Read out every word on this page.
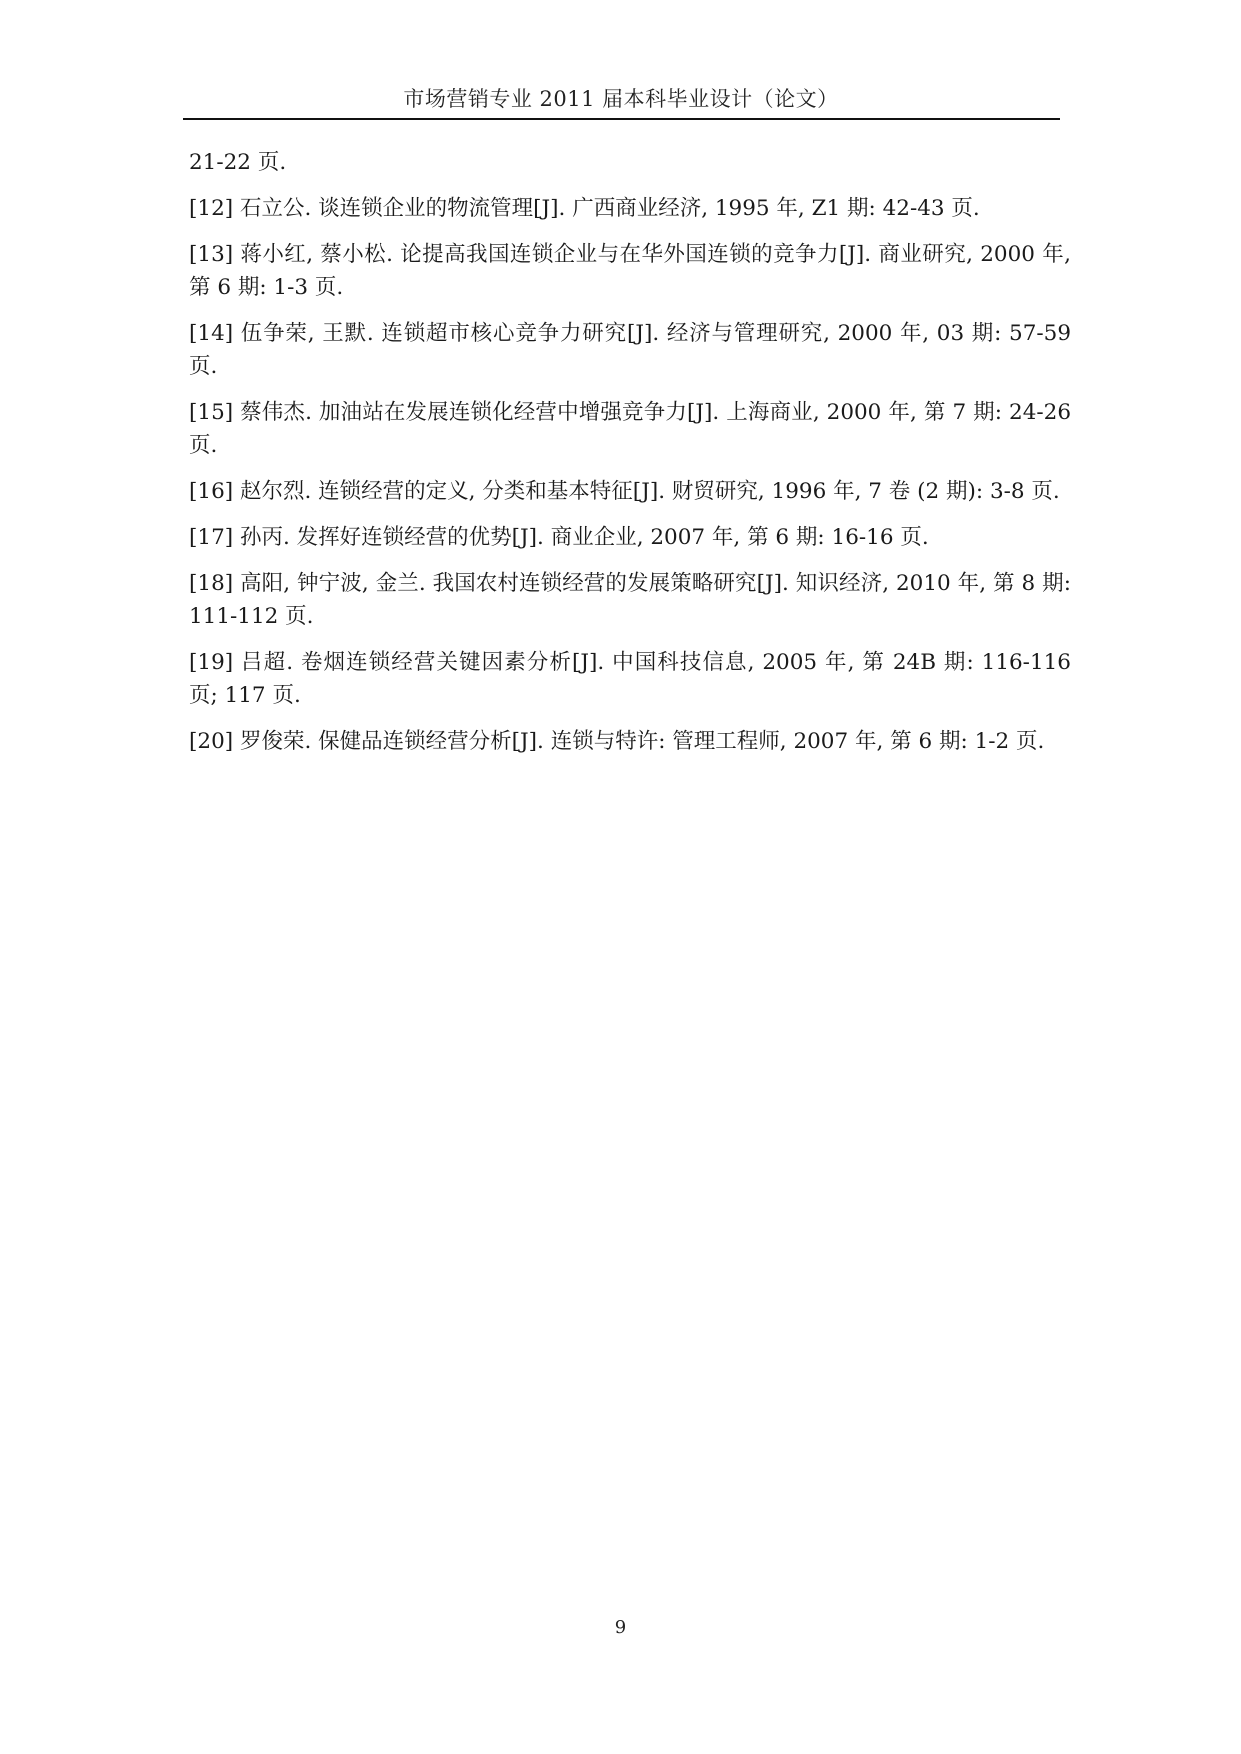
市场营销专业 2011 届本科毕业设计（论文）

21-22 页.

[12] 石立公. 谈连锁企业的物流管理[J]. 广西商业经济, 1995 年, Z1 期: 42-43 页.

[13] 蒋小红, 蔡小松. 论提高我国连锁企业与在华外国连锁的竞争力[J]. 商业研究, 2000 年, 第 6 期: 1-3 页.

[14] 伍争荣, 王默. 连锁超市核心竞争力研究[J]. 经济与管理研究, 2000 年, 03 期: 57-59 页.

[15] 蔡伟杰. 加油站在发展连锁化经营中增强竞争力[J]. 上海商业, 2000 年, 第 7 期: 24-26 页.

[16] 赵尔烈. 连锁经营的定义, 分类和基本特征[J]. 财贸研究, 1996 年, 7 卷 (2 期): 3-8 页.

[17] 孙丙. 发挥好连锁经营的优势[J]. 商业企业, 2007 年, 第 6 期: 16-16 页.

[18] 高阳, 钟宁波, 金兰. 我国农村连锁经营的发展策略研究[J]. 知识经济, 2010 年, 第 8 期: 111-112 页.

[19] 吕超. 卷烟连锁经营关键因素分析[J]. 中国科技信息, 2005 年, 第 24B 期: 116-116 页; 117 页.

[20] 罗俊荣. 保健品连锁经营分析[J]. 连锁与特许: 管理工程师, 2007 年, 第 6 期: 1-2 页.

9
